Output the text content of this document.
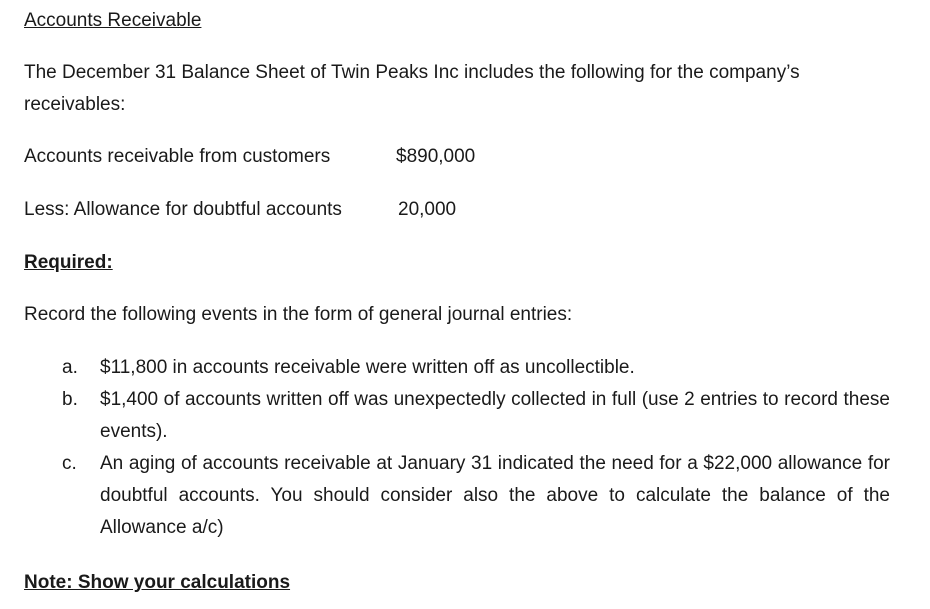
Accounts Receivable
The December 31 Balance Sheet of Twin Peaks Inc includes the following for the company’s receivables:
Accounts receivable from customers	$890,000
Less: Allowance for doubtful accounts	20,000
Required:
Record the following events in the form of general journal entries:
a. $11,800 in accounts receivable were written off as uncollectible.
b. $1,400 of accounts written off was unexpectedly collected in full (use 2 entries to record these events).
c. An aging of accounts receivable at January 31 indicated the need for a $22,000 allowance for doubtful accounts. You should consider also the above to calculate the balance of the Allowance a/c)
Note: Show your calculations
